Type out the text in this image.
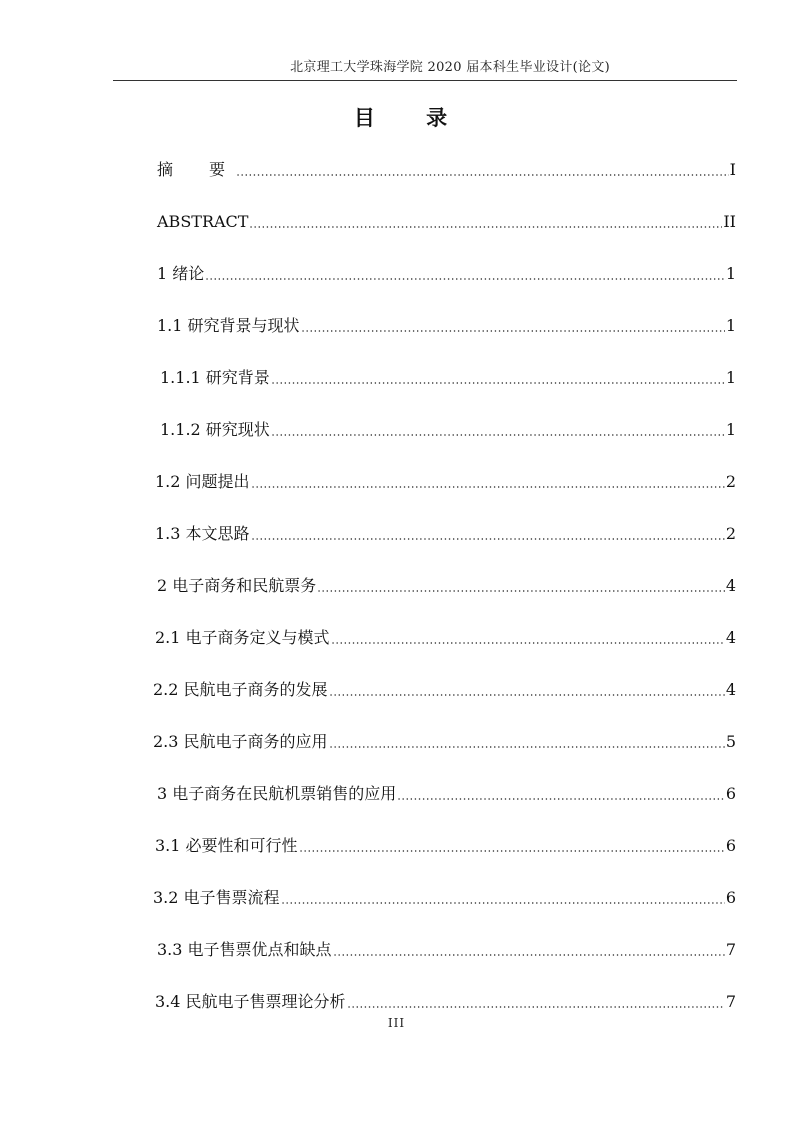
北京理工大学珠海学院 2020 届本科生毕业设计(论文)
目 录
摘　要	I
ABSTRACT	II
1 绪论	1
1.1 研究背景与现状	1
1.1.1 研究背景	1
1.1.2 研究现状	1
1.2 问题提出	2
1.3 本文思路	2
2 电子商务和民航票务	4
2.1 电子商务定义与模式	4
2.2 民航电子商务的发展	4
2.3 民航电子商务的应用	5
3 电子商务在民航机票销售的应用	6
3.1 必要性和可行性	6
3.2 电子售票流程	6
3.3 电子售票优点和缺点	7
3.4 民航电子售票理论分析	7
III
